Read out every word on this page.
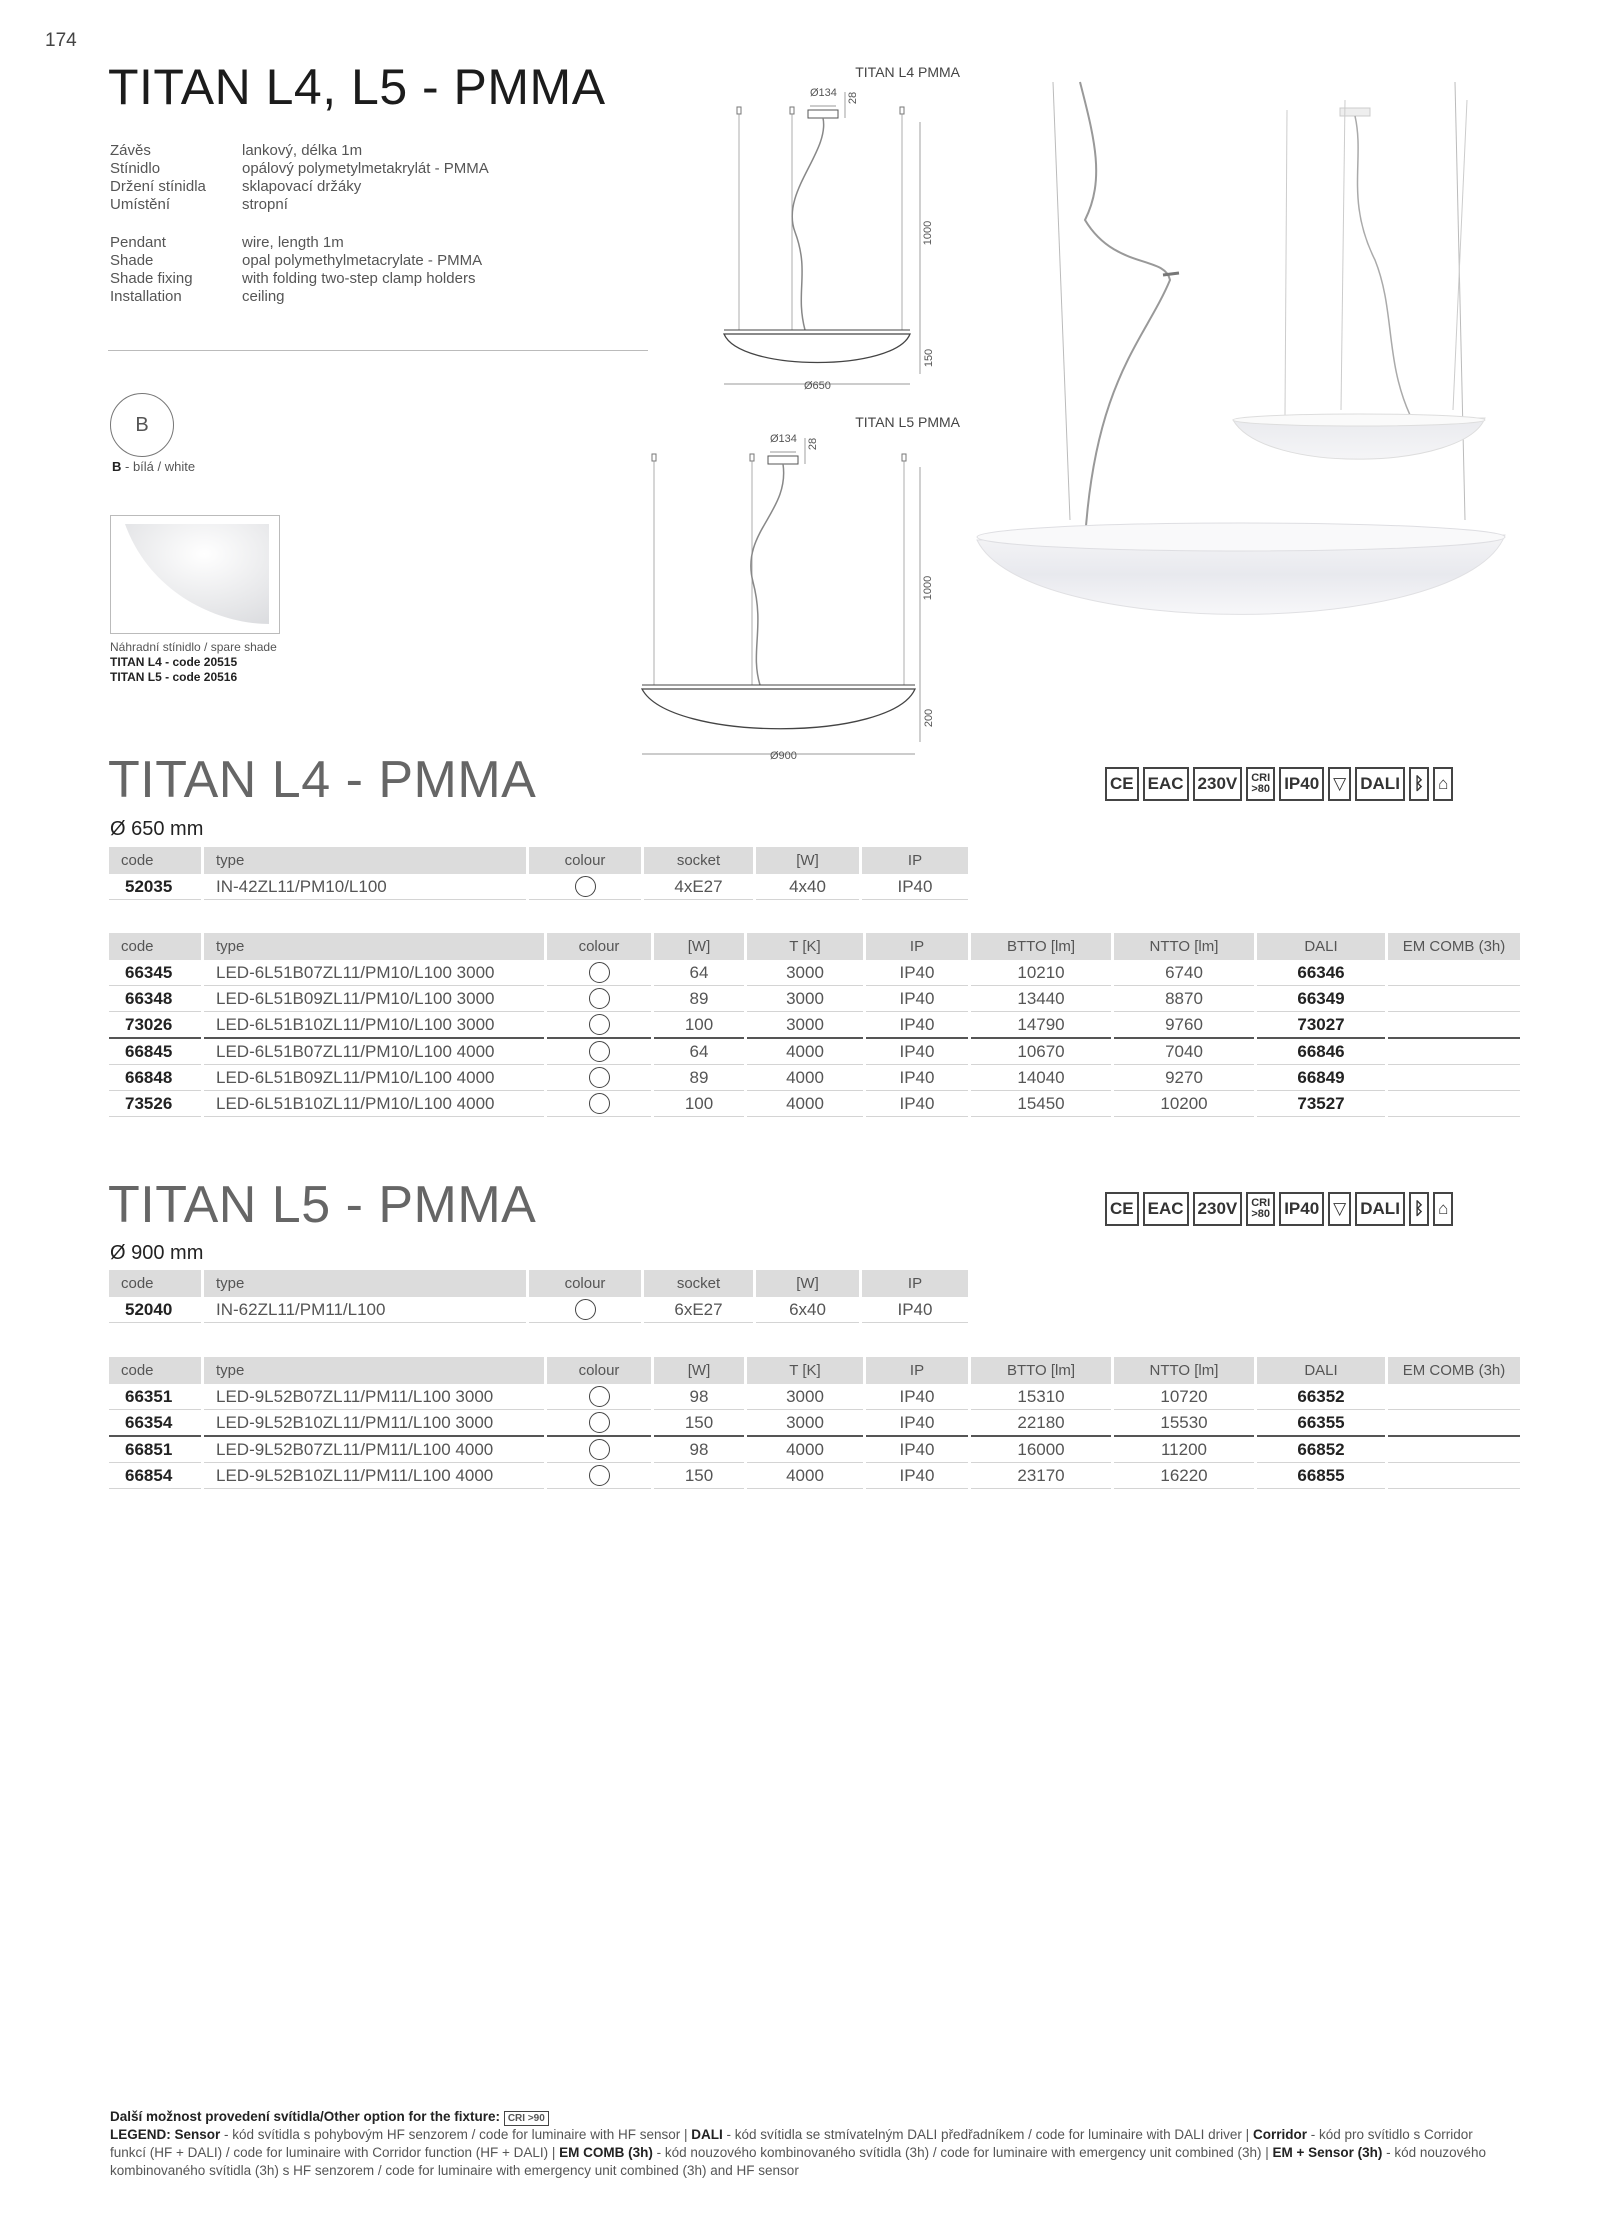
174
TITAN L4, L5 - PMMA
Závěs	lankový, délka 1m
Stínidlo	opálový polymetylmetakrylát - PMMA
Držení stínidla sklapovací držáky
Umístění	stropní
Pendant	wire, length 1m
Shade	opal polymethylmetacrylate - PMMA
Shade fixing	with folding two-step clamp holders
Installation	ceiling
B
B - bílá / white
Náhradní stínidlo / spare shade
TITAN L4 - code 20515
TITAN L5 - code 20516
TITAN L4 PMMA
Ø134 28
1000
150
Ø650
TITAN L5 PMMA
Ø134 28
1000
200
Ø900
TITAN L4 - PMMA
Ø 650 mm
CE EAC 230V	CRI
>80 IP40 ▽ DALI ᛒ ⌂
code	type	colour	socket	[W]	IP
52035	IN-42ZL11/PM10/L100		4xE27	4x40	IP40
code	type	colour	[W]	T [K]	IP	BTTO [lm]	NTTO [lm]	DALI	EM COMB (3h)
66345	LED-6L51B07ZL11/PM10/L100 3000		64	3000	IP40	10210	6740	66346	
66348	LED-6L51B09ZL11/PM10/L100 3000		89	3000	IP40	13440	8870	66349	
73026	LED-6L51B10ZL11/PM10/L100 3000		100	3000	IP40	14790	9760	73027	
66845	LED-6L51B07ZL11/PM10/L100 4000		64	4000	IP40	10670	7040	66846	
66848	LED-6L51B09ZL11/PM10/L100 4000		89	4000	IP40	14040	9270	66849	
73526	LED-6L51B10ZL11/PM10/L100 4000		100	4000	IP40	15450	10200	73527	
TITAN L5 - PMMA
Ø 900 mm
CE EAC 230V	CRI
>80 IP40 ▽ DALI ᛒ ⌂
code	type	colour	socket	[W]	IP
52040	IN-62ZL11/PM11/L100		6xE27	6x40	IP40
code	type	colour	[W]	T [K]	IP	BTTO [lm]	NTTO [lm]	DALI	EM COMB (3h)
66351	LED-9L52B07ZL11/PM11/L100 3000		98	3000	IP40	15310	10720	66352	
66354	LED-9L52B10ZL11/PM11/L100 3000		150	3000	IP40	22180	15530	66355	
66851	LED-9L52B07ZL11/PM11/L100 4000		98	4000	IP40	16000	11200	66852	
66854	LED-9L52B10ZL11/PM11/L100 4000		150	4000	IP40	23170	16220	66855	
Další možnost provedení svítidla/Other option for the fixture: CRI >90
LEGEND: Sensor - kód svítidla s pohybovým HF senzorem / code for luminaire with HF sensor | DALI - kód svítidla se stmívatelným DALI předřadníkem / code for luminaire with DALI driver | Corridor - kód pro svítidlo s Corridor funkcí (HF + DALI) / code for luminaire with Corridor function (HF + DALI) | EM COMB (3h) - kód nouzového kombinovaného svítidla (3h) / code for luminaire with emergency unit combined (3h) | EM + Sensor (3h) - kód nouzového kombinovaného svítidla (3h) s HF senzorem / code for luminaire with emergency unit combined (3h) and HF sensor
